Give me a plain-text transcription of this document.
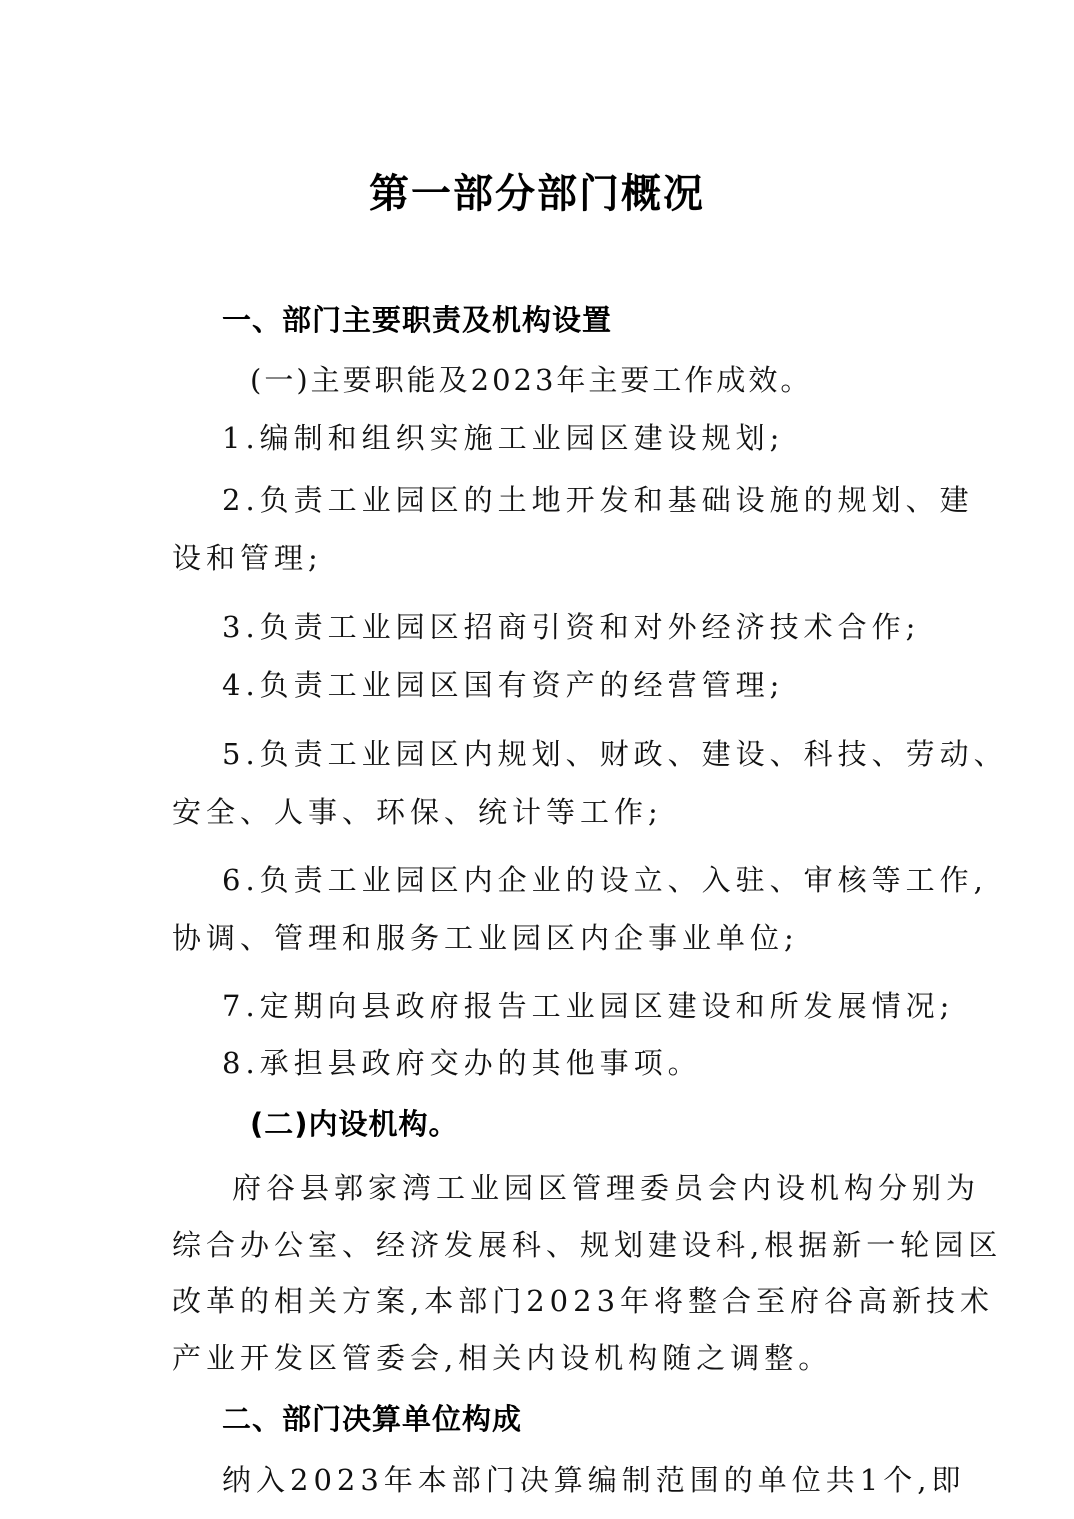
第一部分部门概况
一、部门主要职责及机构设置
(一)主要职能及2023年主要工作成效。
1.编制和组织实施工业园区建设规划;
2.负责工业园区的土地开发和基础设施的规划、建
设和管理;
3.负责工业园区招商引资和对外经济技术合作;
4.负责工业园区国有资产的经营管理;
5.负责工业园区内规划、财政、建设、科技、劳动、
安全、人事、环保、统计等工作;
6.负责工业园区内企业的设立、入驻、审核等工作,
协调、管理和服务工业园区内企事业单位;
7.定期向县政府报告工业园区建设和所发展情况;
8.承担县政府交办的其他事项。
(二)内设机构。
府谷县郭家湾工业园区管理委员会内设机构分别为
综合办公室、经济发展科、规划建设科,根据新一轮园区
改革的相关方案,本部门2023年将整合至府谷高新技术
产业开发区管委会,相关内设机构随之调整。
二、部门决算单位构成
纳入2023年本部门决算编制范围的单位共1个,即
